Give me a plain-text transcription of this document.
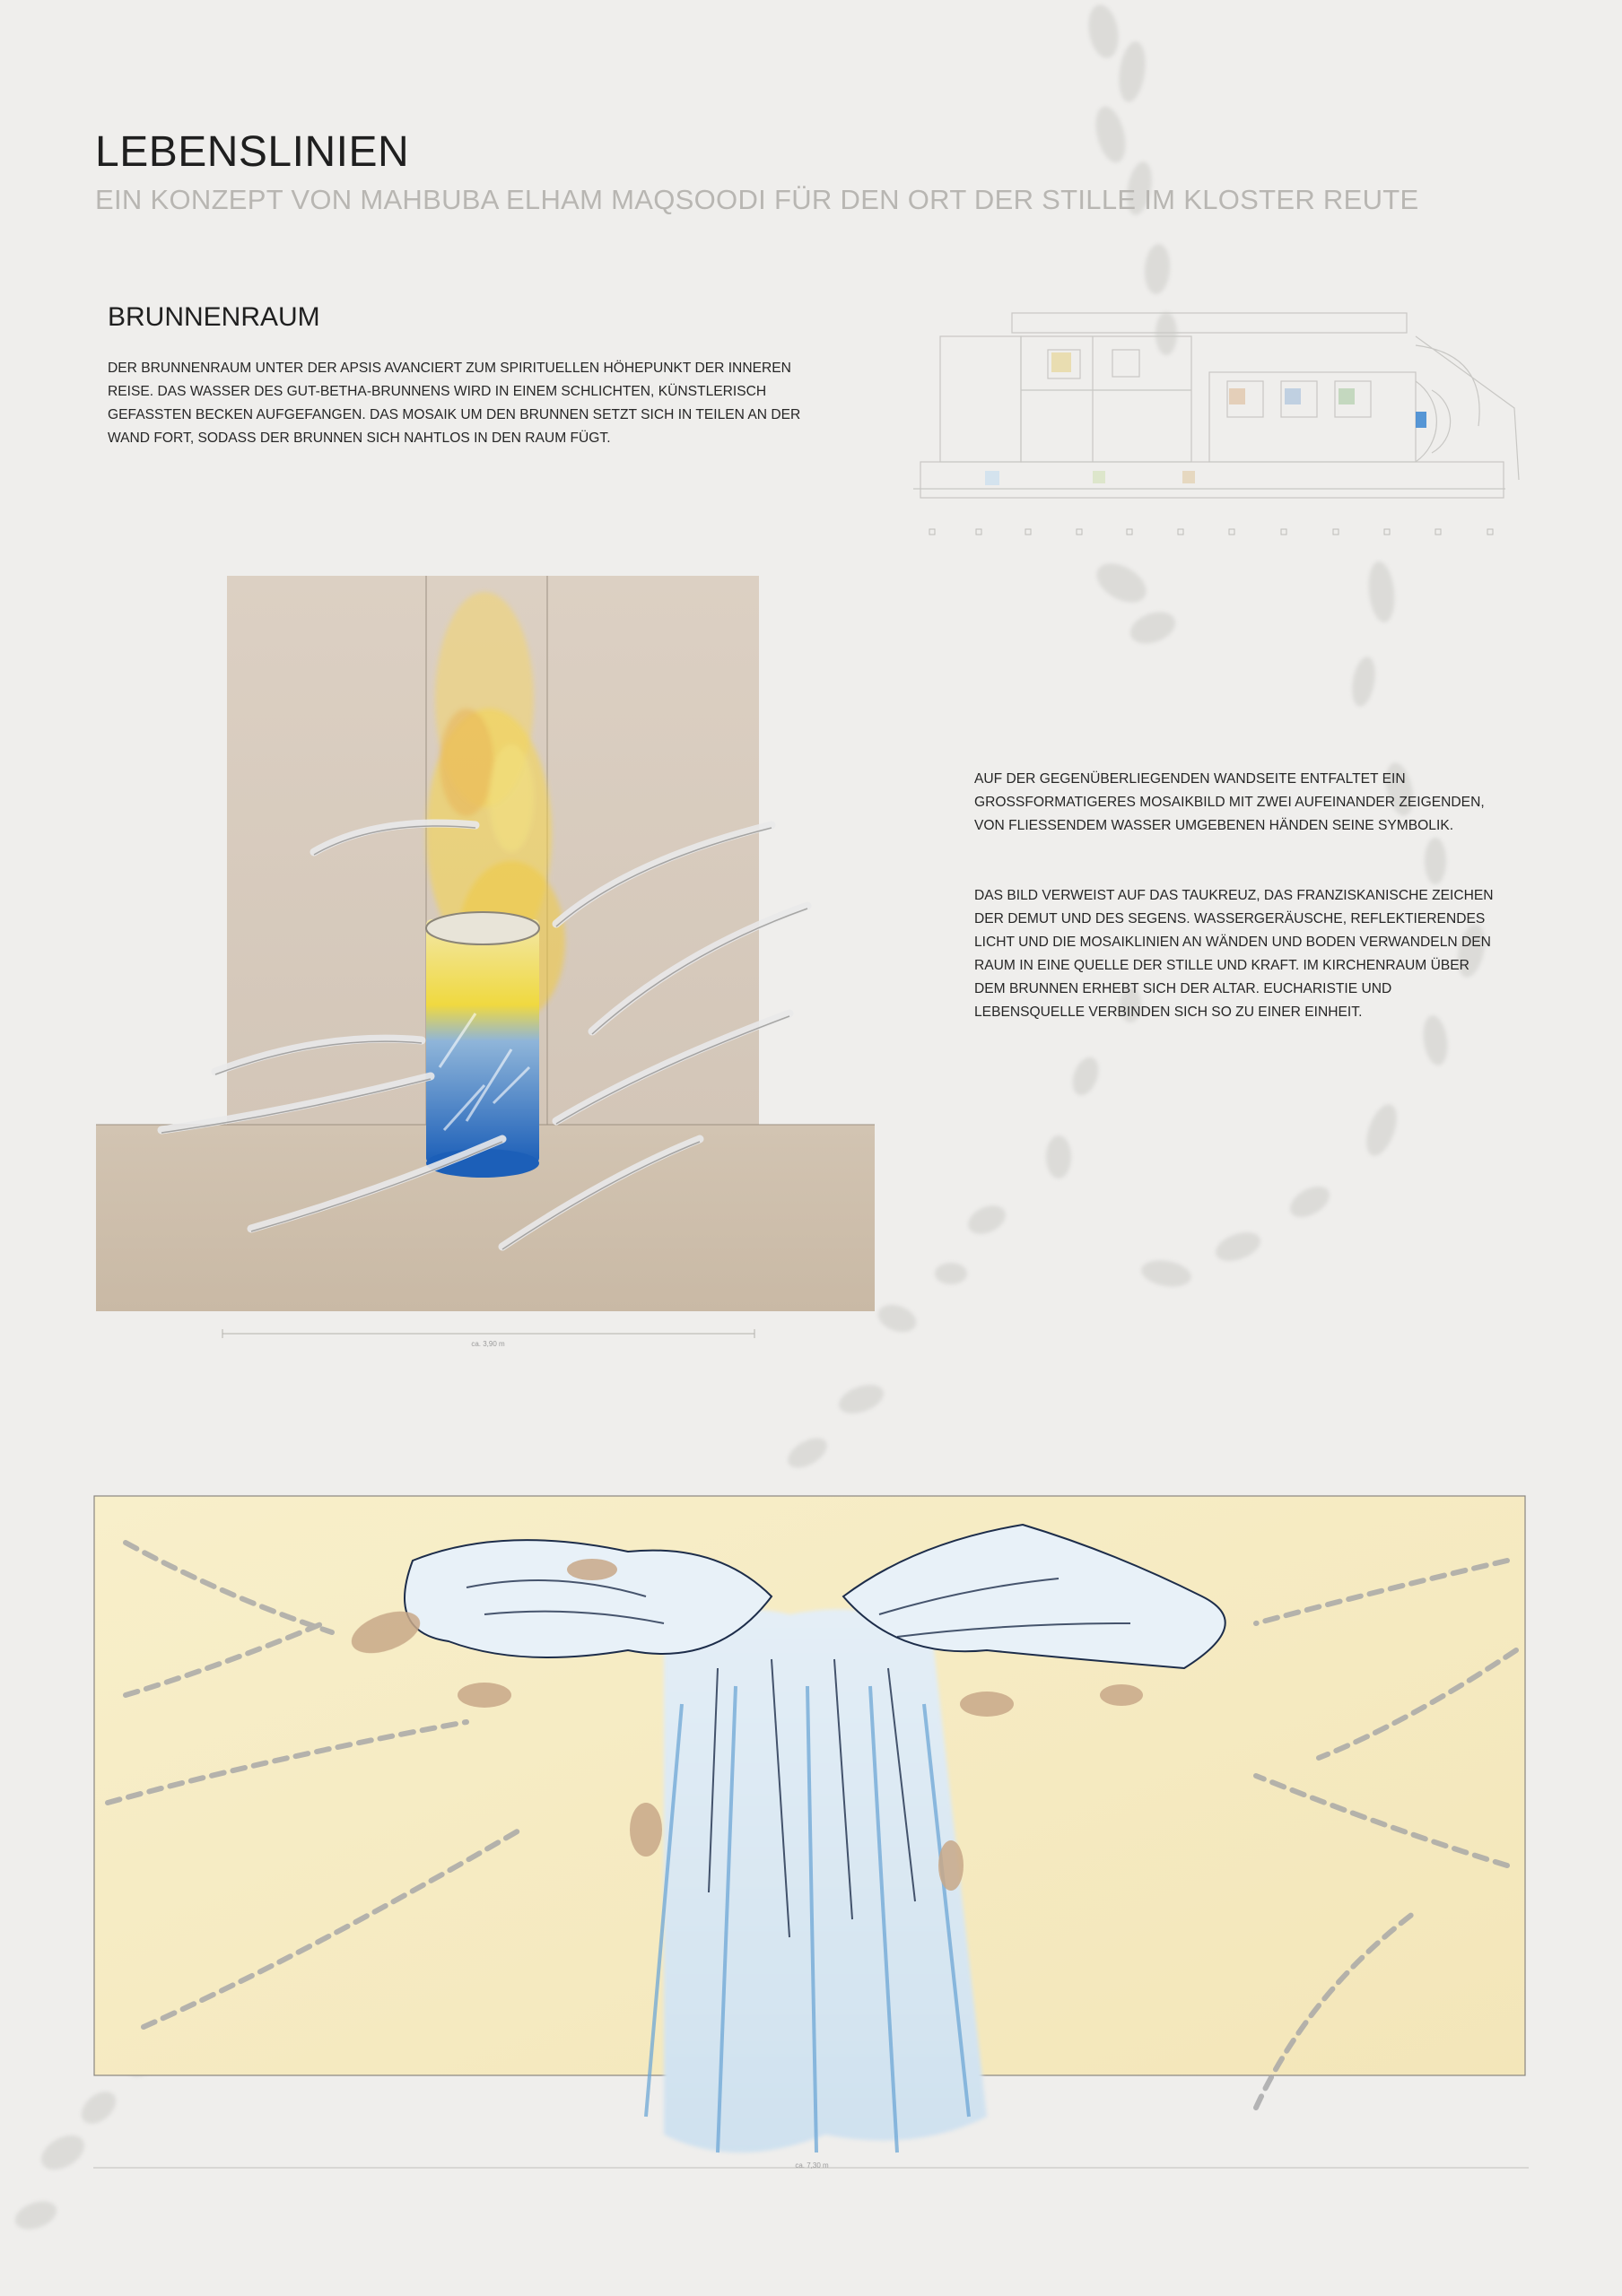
LEBENSLINIEN
EIN KONZEPT VON MAHBUBA ELHAM MAQSOODI FÜR DEN ORT DER STILLE IM KLOSTER REUTE
BRUNNENRAUM

DER BRUNNENRAUM UNTER DER APSIS AVANCIERT ZUM SPIRITUELLEN HÖHEPUNKT DER INNEREN REISE. DAS WASSER DES GUT-BETHA-BRUNNENS WIRD IN EINEM SCHLICHTEN, KÜNSTLERISCH GEFASSTEN BECKEN AUFGEFANGEN. DAS MOSAIK UM DEN BRUNNEN SETZT SICH IN TEILEN AN DER WAND FORT, SODASS DER BRUNNEN SICH NAHTLOS IN DEN RAUM FÜGT.

ca. 3,90 m

AUF DER GEGENÜBERLIEGENDEN WANDSEITE ENTFALTET EIN GROSSFORMATIGERES MOSAIKBILD MIT ZWEI AUFEINANDER ZEIGENDEN, VON FLIESSENDEM WASSER UMGEBENEN HÄNDEN SEINE SYMBOLIK.

DAS BILD VERWEIST AUF DAS TAUKREUZ, DAS FRANZISKANISCHE ZEICHEN DER DEMUT UND DES SEGENS. WASSERGERÄUSCHE, REFLEKTIERENDES LICHT UND DIE MOSAIKLINIEN AN WÄNDEN UND BODEN VERWANDELN DEN RAUM IN EINE QUELLE DER STILLE UND KRAFT. IM KIRCHENRAUM ÜBER DEM BRUNNEN ERHEBT SICH DER ALTAR. EUCHARISTIE UND LEBENSQUELLE VERBINDEN SICH SO ZU EINER EINHEIT.

ca. 7,30 m
